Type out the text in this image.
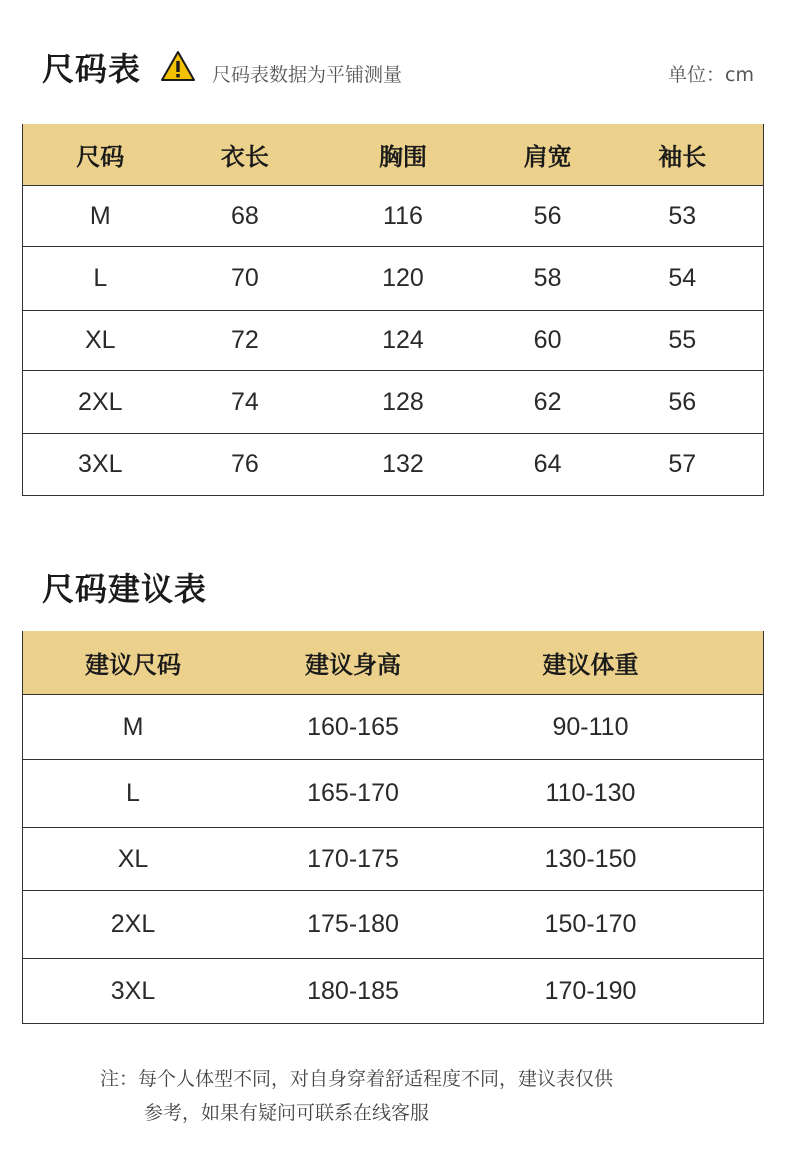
尺码表	尺码表数据为平铺测量	单位：cm
尺码	衣长	胸围	肩宽	袖长
M	68	116	56	53
L	70	120	58	54
XL	72	124	60	55
2XL	74	128	62	56
3XL	76	132	64	57
尺码建议表
建议尺码	建议身高	建议体重
M	160-165	90-110
L	165-170	110-130
XL	170-175	130-150
2XL	175-180	150-170
3XL	180-185	170-190
注：每个人体型不同，对自身穿着舒适程度不同，建议表仅供
参考，如果有疑问可联系在线客服
